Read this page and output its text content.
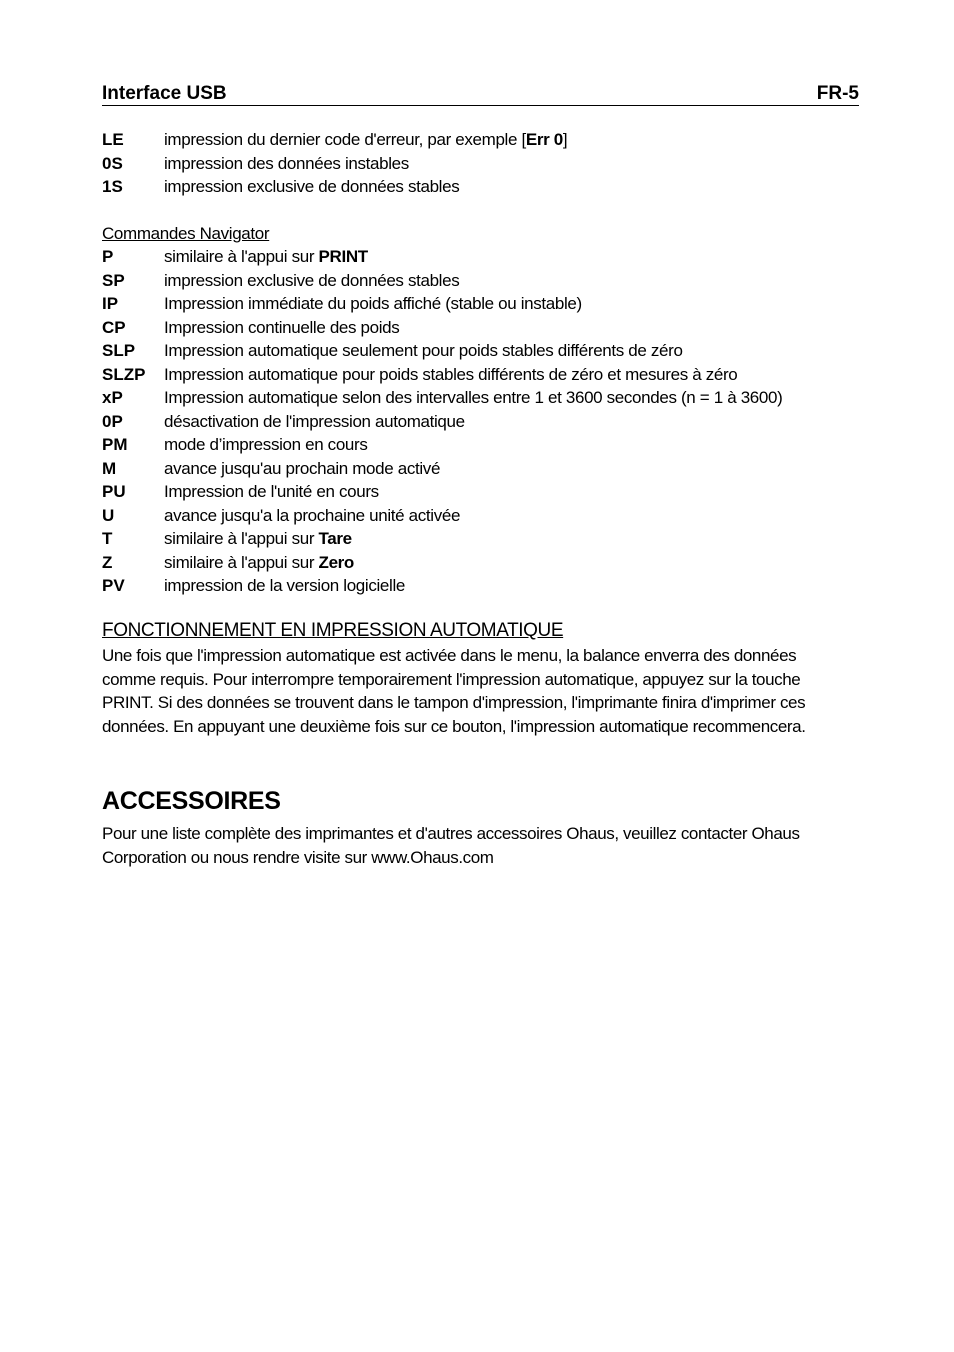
Interface USB	FR-5
LE impression du dernier code d'erreur, par exemple [Err 0]
0S impression des données instables
1S impression exclusive de données stables
Commandes Navigator
P	similaire à l'appui sur PRINT
SP impression exclusive de données stables
IP	Impression immédiate du poids affiché (stable ou instable)
CP Impression continuelle des poids
SLP Impression automatique seulement pour poids stables différents de zéro
SLZP Impression automatique pour poids stables différents de zéro et mesures à zéro
xP Impression automatique selon des intervalles entre 1 et 3600 secondes (n = 1 à 3600)
0P désactivation de l'impression automatique
PM mode d’impression en cours
M	avance jusqu'au prochain mode activé
PU Impression de l'unité en cours
U	avance jusqu'a la prochaine unité activée
T	similaire à l'appui sur Tare
Z	similaire à l'appui sur Zero
PV impression de la version logicielle
FONCTIONNEMENT EN IMPRESSION AUTOMATIQUE
Une fois que l'impression automatique est activée dans le menu, la balance enverra des données
comme requis. Pour interrompre temporairement l'impression automatique, appuyez sur la touche
PRINT. Si des données se trouvent dans le tampon d'impression, l'imprimante finira d'imprimer ces
données. En appuyant une deuxième fois sur ce bouton, l'impression automatique recommencera.
ACCESSOIRES
Pour une liste complète des imprimantes et d'autres accessoires Ohaus, veuillez contacter Ohaus
Corporation ou nous rendre visite sur www.Ohaus.com
